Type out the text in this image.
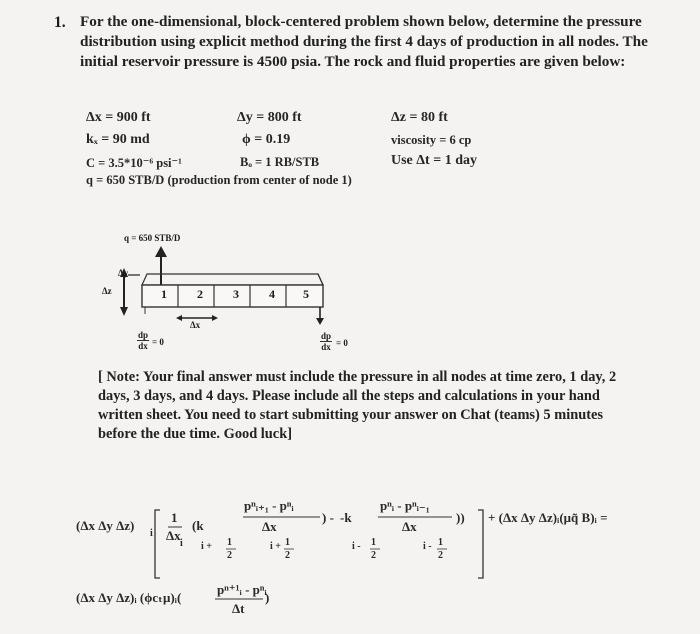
1. For the one-dimensional, block-centered problem shown below, determine the pressure distribution using explicit method during the first 4 days of production in all nodes. The initial reservoir pressure is 4500 psia. The rock and fluid properties are given below:
Δx = 900 ft	Δy = 800 ft	Δz = 80 ft
kₓ = 90 md	ϕ = 0.19	viscosity = 6 cp
C = 3.5*10⁻⁶ psi⁻¹	Bₒ = 1 RB/STB	Use Δt = 1 day
q = 650 STB/D (production from center of node 1)
q = 650 STB/D
1	2	3	4	5
Δz
Δy
Δx
$\frac{dp}{dx} = 0$	$\frac{dp}{dx} = 0$
[ Note: Your final answer must include the pressure in all nodes at time zero, 1 day, 2 days, 3 days, and 4 days. Please include all the steps and calculations in your hand written sheet. You need to start submitting your answer on Chat (teams) 5 minutes before the due time. Good luck]
(Δx Δy Δz)
i
1
Δx
i
(k
i + 1
2
pⁿᵢ₊₁ - pⁿᵢ
Δx
) - -k
i + 1
2
i - 1
2
pⁿᵢ - pⁿᵢ₋₁
Δx
i - 1
2
)) + (Δx Δy Δz)ᵢ(μq̃ B)ᵢ =
(Δx Δy Δz)ᵢ (ϕcₜμ)ᵢ(
pⁿ⁺¹ᵢ - pⁿᵢ
Δt
)
